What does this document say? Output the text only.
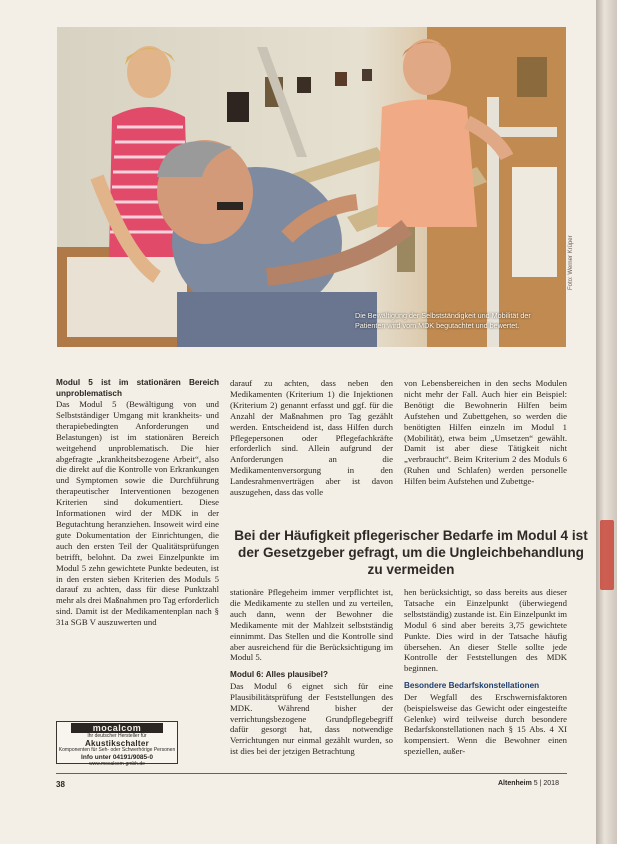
Die Bewältigung der Selbstständigkeit und Mobilität der Patienten wird vom MDK begutachtet und bewertet.
Foto: Werner Krüper
Modul 5 ist im stationären Bereich unproblematisch

Das Modul 5 (Bewältigung von und Selbstständiger Umgang mit krankheits- und therapiebedingten Anforderungen und Belastungen) ist im stationären Bereich weitgehend unproblematisch. Die hier abgefragte „krankheitsbezogene Arbeit“, also die direkt auf die Kontrolle von Erkrankungen und Symptomen sowie die Durchführung therapeutischer Interventionen bezogenen Kriterien sind dokumentiert. Diese Informationen wird der MDK in der Begutachtung heranziehen. Insoweit wird eine gute Dokumentation der Einrichtungen, die auch den ersten Teil der Qualitätsprüfungen betrifft, belohnt. Da zwei Einzelpunkte im Modul 5 zehn gewichtete Punkte bedeuten, ist in den ersten sieben Kriterien des Moduls 5 darauf zu achten, dass für diese Punktzahl mehr als drei Maßnahmen pro Tag erforderlich sind. Damit ist der Medikamentenplan nach § 31a SGB V auszuwerten und

darauf zu achten, dass neben den Medikamenten (Kriterium 1) die Injektionen (Kriterium 2) genannt erfasst und ggf. für die Anzahl der Maßnahmen pro Tag gezählt werden. Entscheidend ist, dass Hilfen durch Pflegepersonen oder Pflegefachkräfte erforderlich sind. Allein aufgrund der Anforderungen an die Medikamentenversorgung in den Landesrahmenverträgen aber ist davon auszugehen, dass das volle

von Lebensbereichen in den sechs Modulen nicht mehr der Fall. Auch hier ein Beispiel: Benötigt die Bewohnerin Hilfen beim Aufstehen und Zubettgehen, so werden die benötigten Hilfen einzeln im Modul 1 (Mobilität), etwa beim „Umsetzen“ gewählt. Damit ist aber diese Tätigkeit nicht „verbraucht“. Beim Kriterium 2 des Moduls 6 (Ruhen und Schlafen) werden personelle Hilfen beim Aufstehen und Zubettge-

Bei der Häufigkeit pflegerischer Bedarfe im Modul 4 ist der Gesetzgeber gefragt, um die Ungleichbehandlung zu vermeiden

stationäre Pflegeheim immer verpflichtet ist, die Medikamente zu stellen und zu verteilen, auch dann, wenn der Bewohner die Medikamente mit der Mahlzeit selbstständig einnimmt. Das Stellen und die Kontrolle sind aber ausreichend für die Berücksichtigung im Modul 5.

Modul 6: Alles plausibel?

Das Modul 6 eignet sich für eine Plausibilitätsprüfung der Feststellungen des MDK. Während bisher der verrichtungsbezogene Grundpflegebegriff dafür gesorgt hat, dass notwendige Verrichtungen nur einmal gezählt wurden, so ist dies bei der jetzigen Betrachtung

hen berücksichtigt, so dass bereits aus dieser Tatsache ein Einzelpunkt (überwiegend selbstständig) zustande ist. Ein Einzelpunkt im Modul 6 sind aber bereits 3,75 gewichtete Punkte. Dies wird in der Tatsache häufig übersehen. An dieser Stelle sollte jede Kontrolle der Feststellungen des MDK beginnen.

Besondere Bedarfskonstellationen

Der Wegfall des Erschwernisfaktoren (beispielsweise das Gewicht oder eingesteifte Gelenke) wird teilweise durch besondere Bedarfskonstellationen nach § 15 Abs. 4 XI kompensiert. Wenn die Bewohner einen speziellen, außer-

mocalcom
Ihr deutscher Hersteller für
Akustikschalter
Komponenten für Seh- oder Schwerhörige Personen
Info unter 04191/9085-0
www.mocalcom-gmbh.de
38	Altenheim 5 | 2018
